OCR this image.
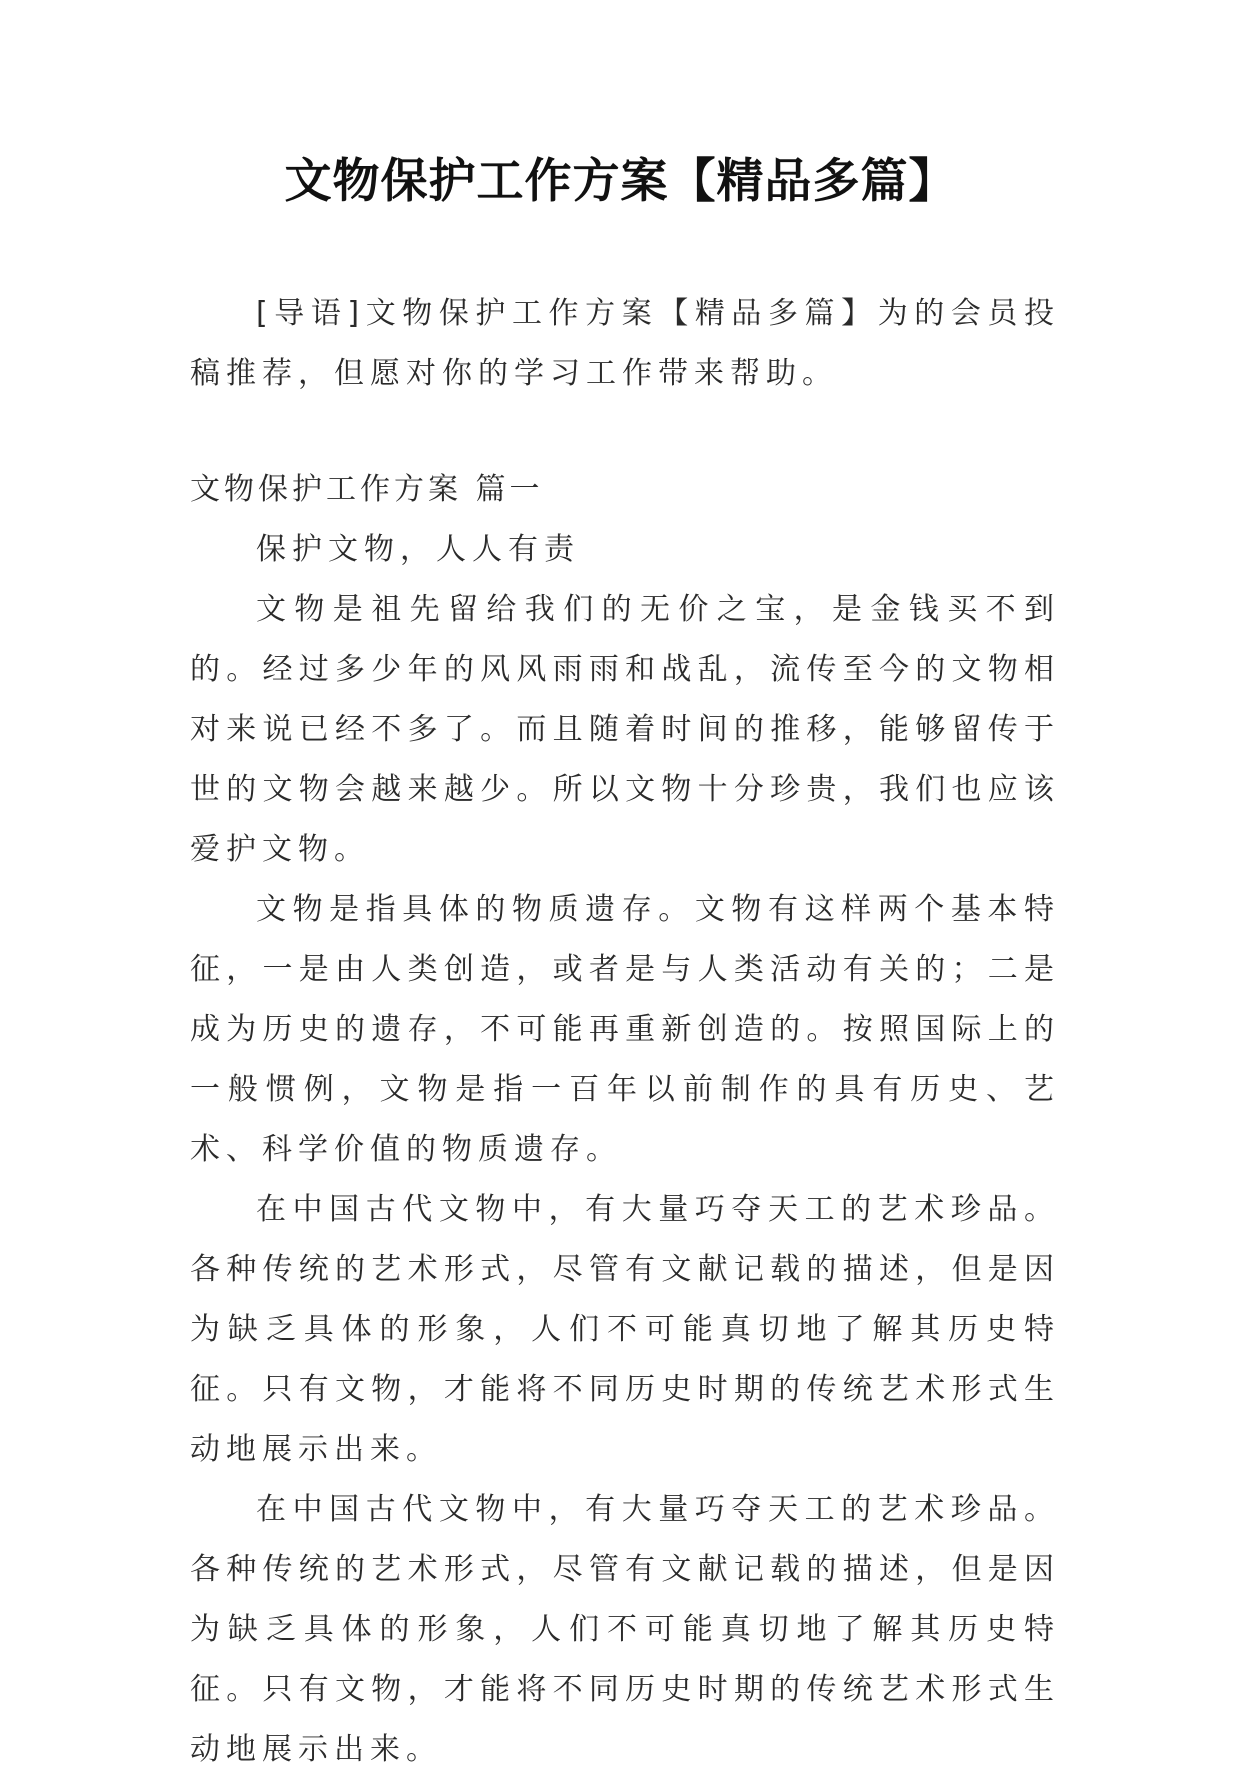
文物保护工作方案【精品多篇】

[导语]文物保护工作方案【精品多篇】为的会员投稿推荐，但愿对你的学习工作带来帮助。

文物保护工作方案 篇一

保护文物，人人有责

文物是祖先留给我们的无价之宝，是金钱买不到的。经过多少年的风风雨雨和战乱，流传至今的文物相对来说已经不多了。而且随着时间的推移，能够留传于世的文物会越来越少。所以文物十分珍贵，我们也应该爱护文物。

文物是指具体的物质遗存。文物有这样两个基本特征，一是由人类创造，或者是与人类活动有关的；二是成为历史的遗存，不可能再重新创造的。按照国际上的一般惯例，文物是指一百年以前制作的具有历史、艺术、科学价值的物质遗存。

在中国古代文物中，有大量巧夺天工的艺术珍品。各种传统的艺术形式，尽管有文献记载的描述，但是因为缺乏具体的形象，人们不可能真切地了解其历史特征。只有文物，才能将不同历史时期的传统艺术形式生动地展示出来。

在中国古代文物中，有大量巧夺天工的艺术珍品。各种传统的艺术形式，尽管有文献记载的描述，但是因为缺乏具体的形象，人们不可能真切地了解其历史特征。只有文物，才能将不同历史时期的传统艺术形式生动地展示出来。
